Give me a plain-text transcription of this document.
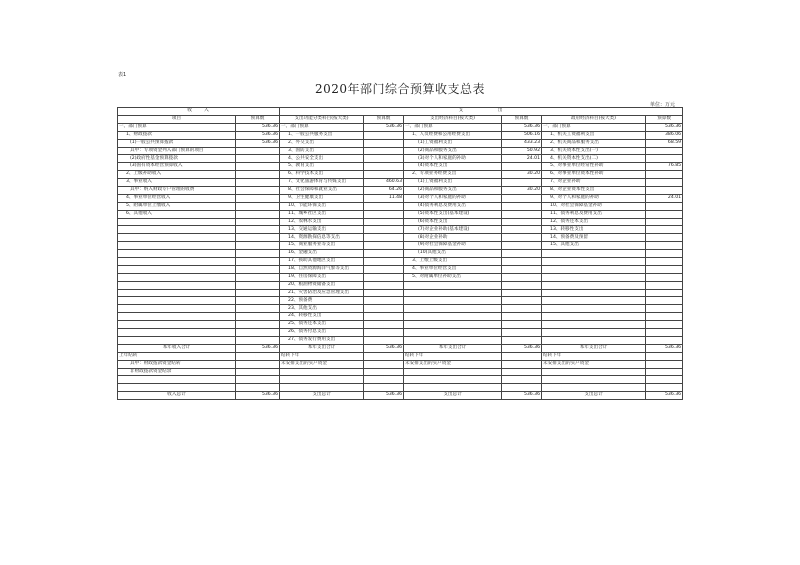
表1
2020年部门综合预算收支总表
单位：万元
收　　入		支　　　　　　出					
项目	预算数	支出功能分类科目(按大类)	预算数	支出经济科目(按大类)	预算数	政府经济科目(按大类)	预算数
一、部门预算	536.36	一、部门预算	536.36	一、部门预算	536.36	一、部门预算	536.36
1、财政拨款	536.36	1、一般公共服务支出		1、人员经费和公用经费支出	506.16	1、机关工资福利支出	386.06
(1)一般公共预算拨款	536.36	2、外交支出		(1)工资福利支出	433.23	2、机关商品和服务支出	68.59
其中：专项资金列入部门预算的项目		3、国防支出		(2)商品和服务支出	50.92	3、机关资本性支出(一)	
(2)政府性基金预算拨款		4、公共安全支出		(3)对个人和家庭的补助	24.01	4、机关资本性支出(二)	
(3)国有资本经营预算收入		5、教育支出		(4)资本性支出		5、对事业单位经常性补助	76.85
2、上级补助收入		6、科学技术支出		2、专项业务经费支出	30.20	6、对事业单位资本性补助	
3、事业收入		7、文化旅游体育与传媒支出	460.63	(1)工资福利支出		7、对企业补助	
其中：纳入财政专户管理的收费		8、社会保障和就业支出	64.26	(2)商品和服务支出	30.20	8、对企业资本性支出	
4、事业单位经营收入		9、卫生健康支出	11.48	(3)对个人和家庭的补助		9、对个人和家庭的补助	24.01
5、附属单位上缴收入		10、节能环保支出		(4)债务利息及费用支出		10、对社会保障基金补助	
6、其他收入		11、城乡社区支出		(5)资本性支出(基本建设)		11、债务利息及费用支出	
		12、农林水支出		(6)资本性支出		12、债务还本支出	
		13、交通运输支出		(7)对企业补助(基本建设)		13、转移性支出	
		14、资源勘探信息等支出		(8)对企业补助		14、预备费及预留	
		15、商业服务业等支出		(9)对社会保障基金补助		15、其他支出	
		16、金融支出		(10)其他支出			
		17、援助其他地区支出		3、上缴上级支出			
		18、自然资源海洋气象等支出		4、事业单位经营支出			
		19、住房保障支出		5、对附属单位补助支出			
		20、粮油物资储备支出					
		21、灾害防治及应急管理支出					
		22、预备费					
		23、其他支出					
		24、转移性支出					
		25、债务还本支出					
		26、债务付息支出					
		27、债务发行费用支出					
本年收入合计	536.36	本年支出合计	536.36	本年支出合计	536.36	本年支出合计	536.36
上年结转		结转下年		结转下年		结转下年	
其中：财政拨款资金结转		未安排支出的实户资金		未安排支出的实户资金		未安排支出的实户资金	
非财政拨款资金结余							

收入总计	536.36	支出总计	536.36	支出总计	536.36	支出总计	536.36
